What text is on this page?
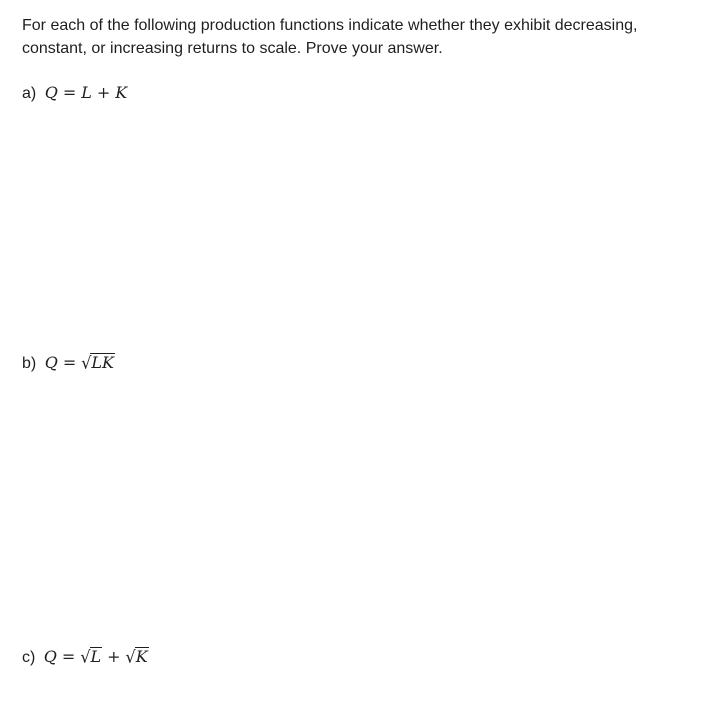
For each of the following production functions indicate whether they exhibit decreasing,

constant, or increasing returns to scale. Prove your answer.

a) Q = L + K
b) Q = √LK
c) Q = √L + √K
